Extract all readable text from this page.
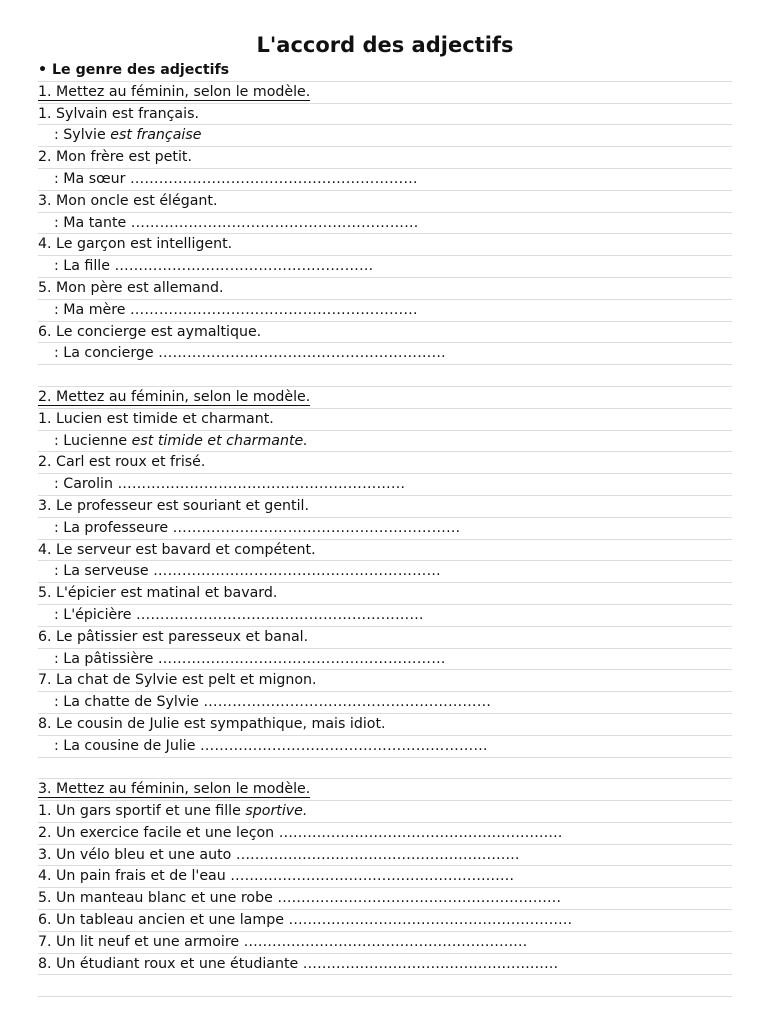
L'accord des adjectifs
• Le genre des adjectifs
1. Mettez au féminin, selon le modèle.
1. Sylvain est français.
: Sylvie est française
2. Mon frère est petit.
: Ma sœur ……………………………………………………
3. Mon oncle est élégant.
: Ma tante ……………………………………………………
4. Le garçon est intelligent.
: La fille ………………………………………………
5. Mon père est allemand.
: Ma mère ……………………………………………………
6. Le concierge est aymaltique.
: La concierge ……………………………………………………
2. Mettez au féminin, selon le modèle.
1. Lucien est timide et charmant.
: Lucienne est timide et charmante.
2. Carl est roux et frisé.
: Carolin ……………………………………………………
3. Le professeur est souriant et gentil.
: La professeure ……………………………………………………
4. Le serveur est bavard et compétent.
: La serveuse ……………………………………………………
5. L'épicier est matinal et bavard.
: L'épicière ……………………………………………………
6. Le pâtissier est paresseux et banal.
: La pâtissière ……………………………………………………
7. La chat de Sylvie est pelt et mignon.
: La chatte de Sylvie ……………………………………………………
8. Le cousin de Julie est sympathique, mais idiot.
: La cousine de Julie ……………………………………………………
3. Mettez au féminin, selon le modèle.
1. Un gars sportif et une fille sportive.
2. Un exercice facile et une leçon ……………………………………………………
3. Un vélo bleu et une auto ……………………………………………………
4. Un pain frais et de l'eau ……………………………………………………
5. Un manteau blanc et une robe ……………………………………………………
6. Un tableau ancien et une lampe ……………………………………………………
7. Un lit neuf et une armoire ……………………………………………………
8. Un étudiant roux et une étudiante ………………………………………………
